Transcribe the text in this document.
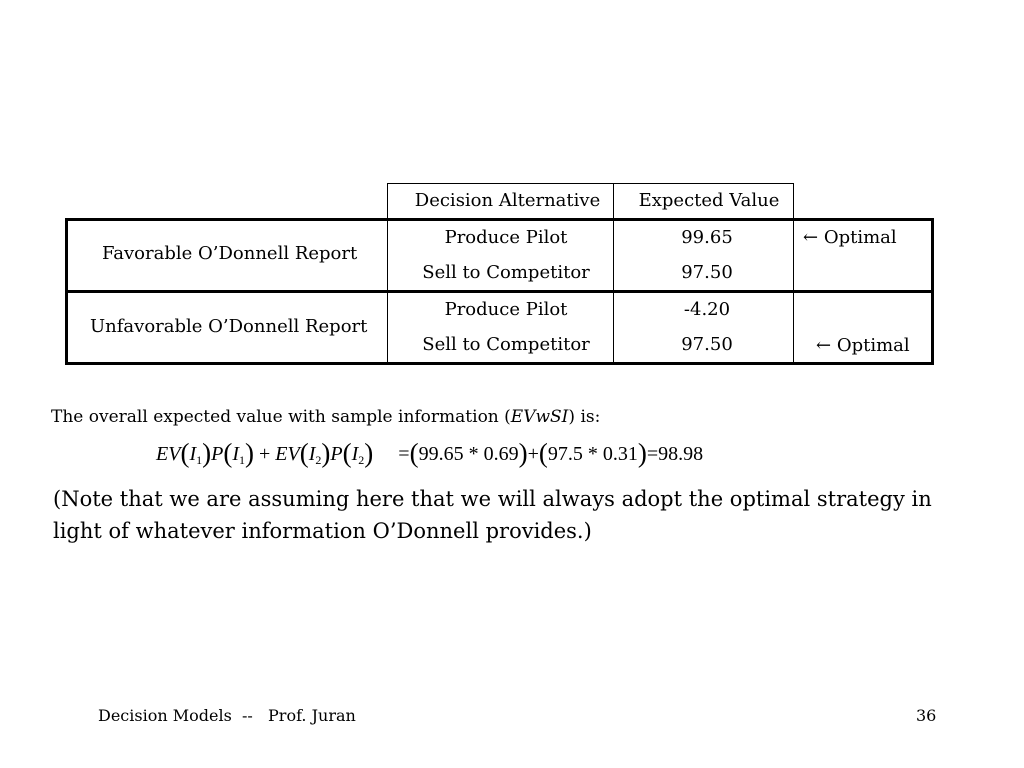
Decision Alternative	Expected Value
Favorable O’Donnell Report
Produce Pilot	99.65	← Optimal
Sell to Competitor	97.50
Unfavorable O’Donnell Report
Produce Pilot	-4.20
Sell to Competitor	97.50	← Optimal
The overall expected value with sample information (EVwSI) is:
$EV(I_1)P(I_1) + EV(I_2)P(I_2) =(99.65 * 0.69)+(97.5 * 0.31)=98.98$
(Note that we are assuming here that we will always adopt the optimal strategy in light of whatever information O’Donnell provides.)
Decision Models  --   Prof. Juran	36
